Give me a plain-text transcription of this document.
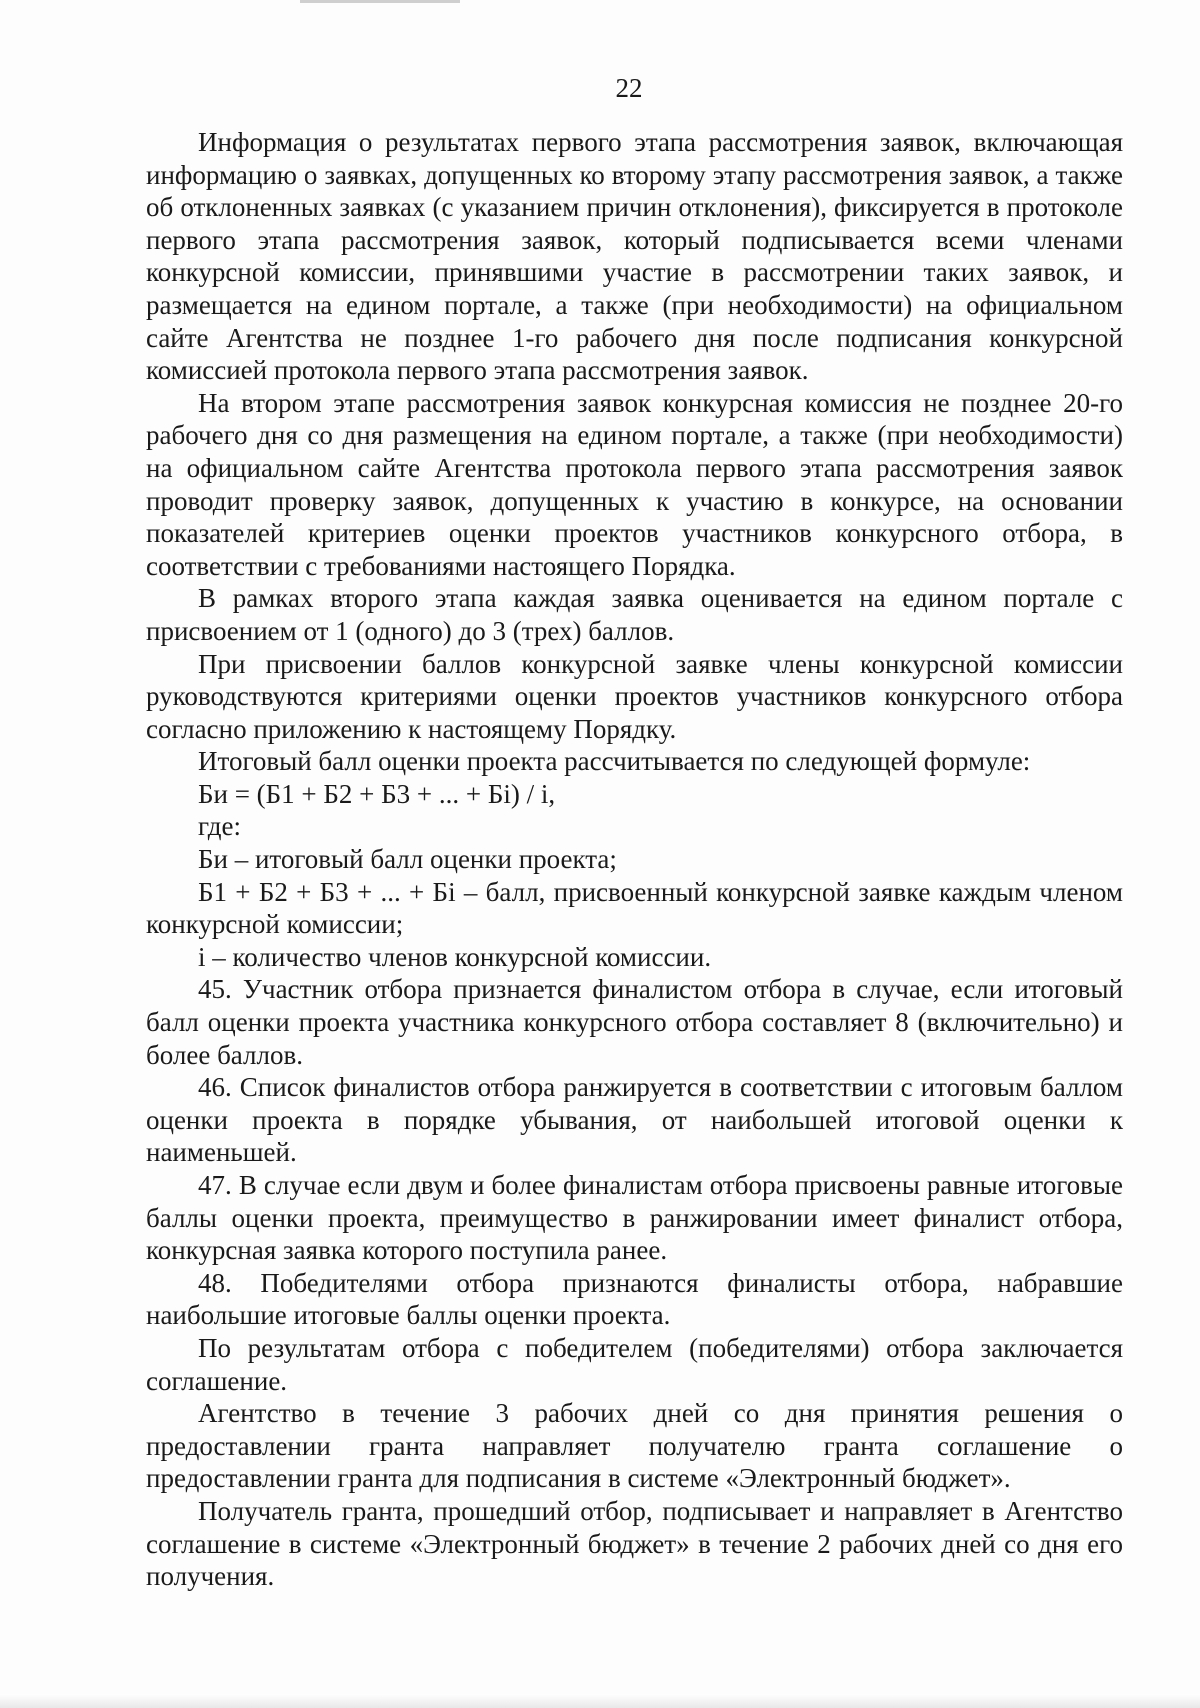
22

Информация о результатах первого этапа рассмотрения заявок, включающая информацию о заявках, допущенных ко второму этапу рассмотрения заявок, а также об отклоненных заявках (с указанием причин отклонения), фиксируется в протоколе первого этапа рассмотрения заявок, который подписывается всеми членами конкурсной комиссии, принявшими участие в рассмотрении таких заявок, и размещается на едином портале, а также (при необходимости) на официальном сайте Агентства не позднее 1-го рабочего дня после подписания конкурсной комиссией протокола первого этапа рассмотрения заявок.

На втором этапе рассмотрения заявок конкурсная комиссия не позднее 20-го рабочего дня со дня размещения на едином портале, а также (при необходимости) на официальном сайте Агентства протокола первого этапа рассмотрения заявок проводит проверку заявок, допущенных к участию в конкурсе, на основании показателей критериев оценки проектов участников конкурсного отбора, в соответствии с требованиями настоящего Порядка.

В рамках второго этапа каждая заявка оценивается на едином портале с присвоением от 1 (одного) до 3 (трех) баллов.

При присвоении баллов конкурсной заявке члены конкурсной комиссии руководствуются критериями оценки проектов участников конкурсного отбора согласно приложению к настоящему Порядку.

Итоговый балл оценки проекта рассчитывается по следующей формуле:

Би = (Б1 + Б2 + Б3 + ... + Бi) / i,

где:

Би – итоговый балл оценки проекта;

Б1 + Б2 + Б3 + ... + Бi – балл, присвоенный конкурсной заявке каждым членом конкурсной комиссии;

i – количество членов конкурсной комиссии.

45. Участник отбора признается финалистом отбора в случае, если итоговый балл оценки проекта участника конкурсного отбора составляет 8 (включительно) и более баллов.

46. Список финалистов отбора ранжируется в соответствии с итоговым баллом оценки проекта в порядке убывания, от наибольшей итоговой оценки к наименьшей.

47. В случае если двум и более финалистам отбора присвоены равные итоговые баллы оценки проекта, преимущество в ранжировании имеет финалист отбора, конкурсная заявка которого поступила ранее.

48. Победителями отбора признаются финалисты отбора, набравшие наибольшие итоговые баллы оценки проекта.

По результатам отбора с победителем (победителями) отбора заключается соглашение.

Агентство в течение 3 рабочих дней со дня принятия решения о предоставлении гранта направляет получателю гранта соглашение о предоставлении гранта для подписания в системе «Электронный бюджет».

Получатель гранта, прошедший отбор, подписывает и направляет в Агентство соглашение в системе «Электронный бюджет» в течение 2 рабочих дней со дня его получения.
